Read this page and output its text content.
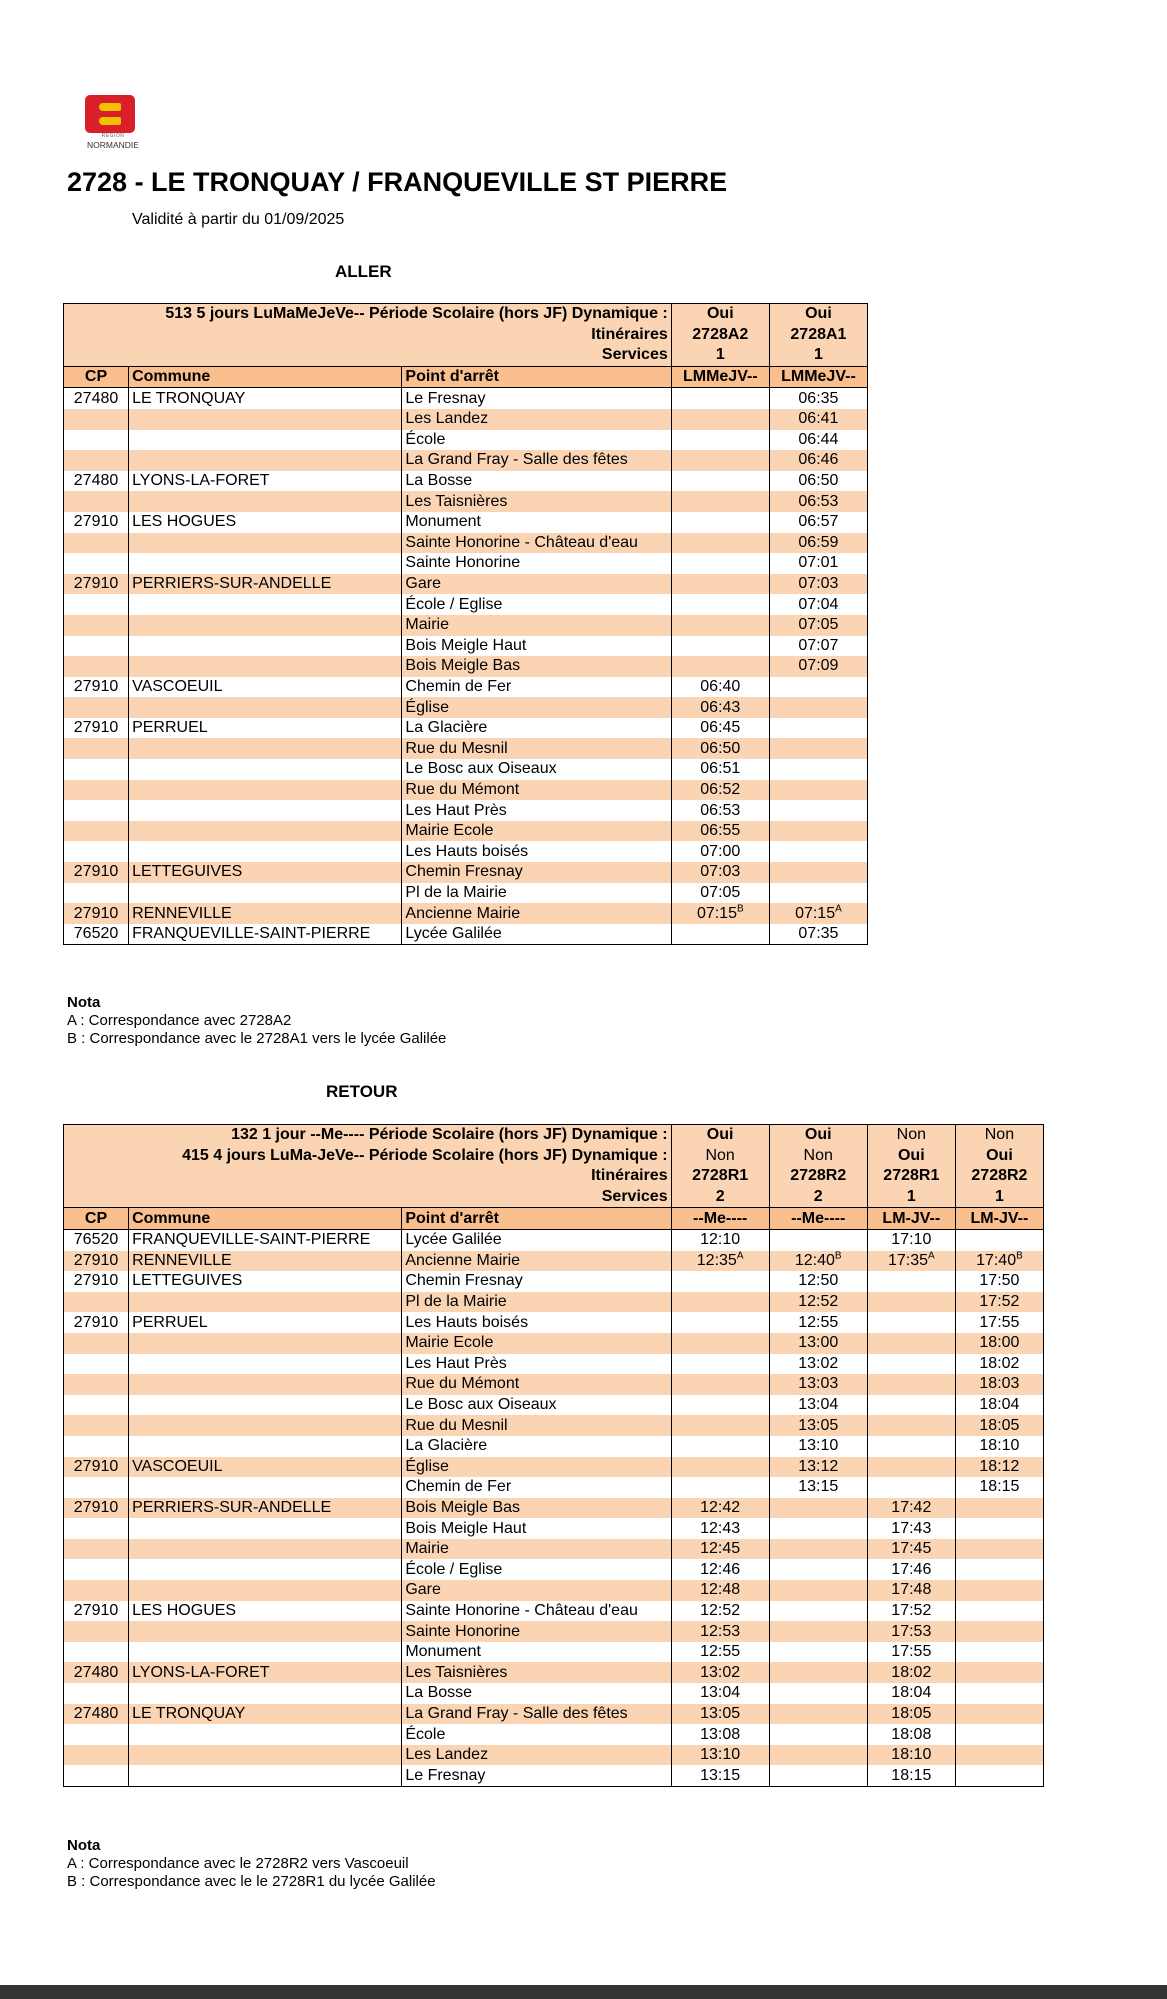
RÉGION
NORMANDIE
2728 - LE TRONQUAY / FRANQUEVILLE ST PIERRE
Validité à partir du 01/09/2025
ALLER
513 5 jours LuMaMeJeVe-- Période Scolaire (hors JF) Dynamique :			Oui	Oui
Itinéraires			2728A2	2728A1
Services			1	1
CP	Commune	Point d'arrêt	LMMeJV--	LMMeJV--
27480	LE TRONQUAY	Le Fresnay		06:35
		Les Landez		06:41
		École		06:44
		La Grand Fray - Salle des fêtes		06:46
27480	LYONS-LA-FORET	La Bosse		06:50
		Les Taisnières		06:53
27910	LES HOGUES	Monument		06:57
		Sainte Honorine - Château d'eau		06:59
		Sainte Honorine		07:01
27910	PERRIERS-SUR-ANDELLE	Gare		07:03
		École / Eglise		07:04
		Mairie		07:05
		Bois Meigle Haut		07:07
		Bois Meigle Bas		07:09
27910	VASCOEUIL	Chemin de Fer	06:40	
		Église	06:43	
27910	PERRUEL	La Glacière	06:45	
		Rue du Mesnil	06:50	
		Le Bosc aux Oiseaux	06:51	
		Rue du Mémont	06:52	
		Les Haut Près	06:53	
		Mairie Ecole	06:55	
		Les Hauts boisés	07:00	
27910	LETTEGUIVES	Chemin Fresnay	07:03	
		Pl de la Mairie	07:05	
27910	RENNEVILLE	Ancienne Mairie	$07:15^B$	$07:15^A$
76520	FRANQUEVILLE-SAINT-PIERRE	Lycée Galilée		07:35
Nota
A : Correspondance avec 2728A2
B : Correspondance avec le 2728A1 vers le lycée Galilée
RETOUR
132 1 jour --Me---- Période Scolaire (hors JF) Dynamique :			Oui	Oui	Non	Non
415 4 jours LuMa-JeVe-- Période Scolaire (hors JF) Dynamique :			Non	Non	Oui	Oui
Itinéraires			2728R1	2728R2	2728R1	2728R2
Services			2	2	1	1
CP	Commune	Point d'arrêt	--Me----	--Me----	LM-JV--	LM-JV--
76520	FRANQUEVILLE-SAINT-PIERRE	Lycée Galilée	12:10		17:10	
27910	RENNEVILLE	Ancienne Mairie	$12:35^A$	$12:40^B$	$17:35^A$	$17:40^B$
27910	LETTEGUIVES	Chemin Fresnay		12:50		17:50
		Pl de la Mairie		12:52		17:52
27910	PERRUEL	Les Hauts boisés		12:55		17:55
		Mairie Ecole		13:00		18:00
		Les Haut Près		13:02		18:02
		Rue du Mémont		13:03		18:03
		Le Bosc aux Oiseaux		13:04		18:04
		Rue du Mesnil		13:05		18:05
		La Glacière		13:10		18:10
27910	VASCOEUIL	Église		13:12		18:12
		Chemin de Fer		13:15		18:15
27910	PERRIERS-SUR-ANDELLE	Bois Meigle Bas	12:42		17:42	
		Bois Meigle Haut	12:43		17:43	
		Mairie	12:45		17:45	
		École / Eglise	12:46		17:46	
		Gare	12:48		17:48	
27910	LES HOGUES	Sainte Honorine - Château d'eau	12:52		17:52	
		Sainte Honorine	12:53		17:53	
		Monument	12:55		17:55	
27480	LYONS-LA-FORET	Les Taisnières	13:02		18:02	
		La Bosse	13:04		18:04	
27480	LE TRONQUAY	La Grand Fray - Salle des fêtes	13:05		18:05	
		École	13:08		18:08	
		Les Landez	13:10		18:10	
		Le Fresnay	13:15		18:15	
Nota
A : Correspondance avec le 2728R2 vers Vascoeuil
B : Correspondance avec le le 2728R1 du lycée Galilée
